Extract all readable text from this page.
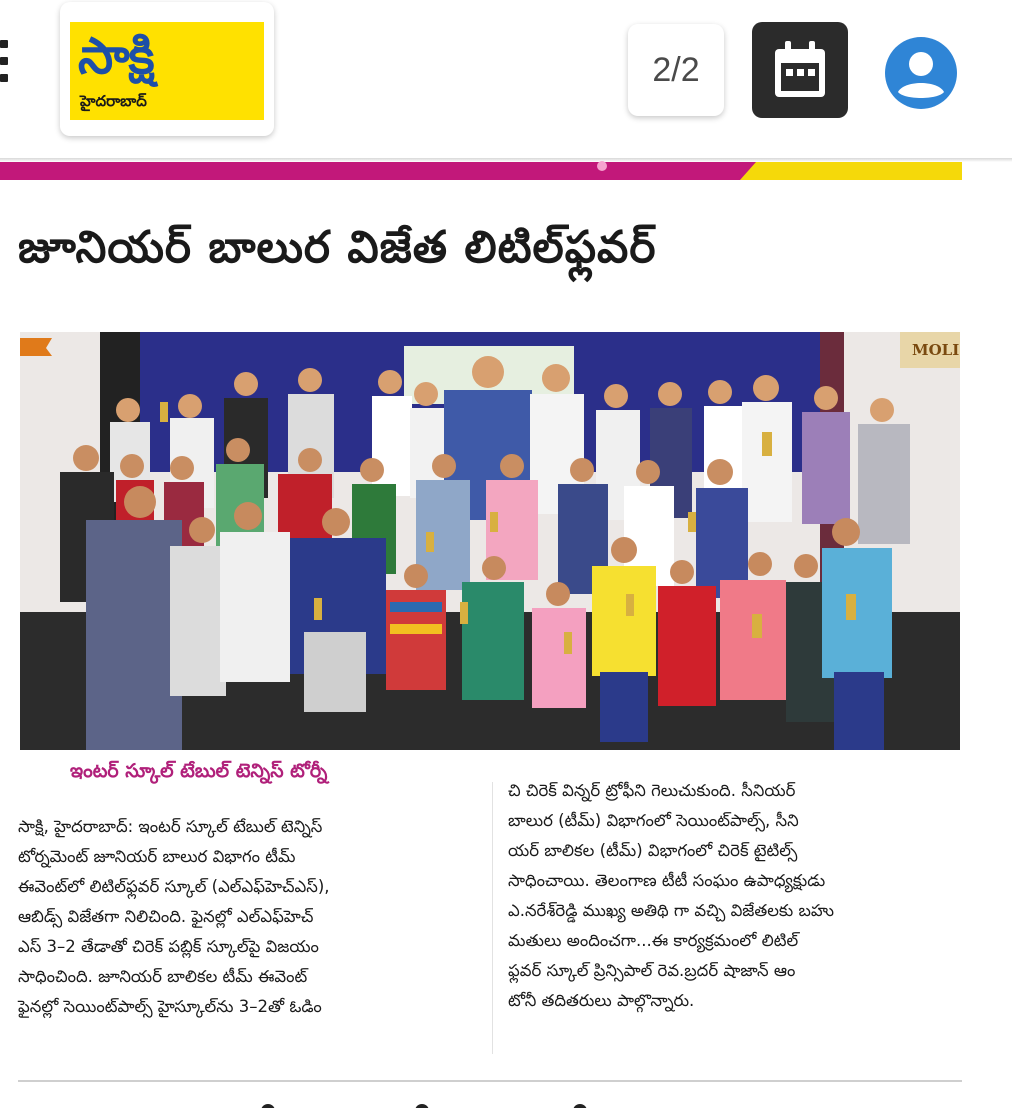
సాక్షి
హైదరాబాద్
2/2
జూనియర్‌ బాలుర విజేత లిటిల్‌ఫ్లవర్‌
MOLI
ఇంటర్‌ స్కూల్‌ టేబుల్‌ టెన్నిస్‌ టోర్నీ

సాక్షి, హైదరాబాద్‌: ఇంటర్‌ స్కూల్‌ టేబుల్‌ టెన్నిస్‌

టోర్నమెంట్‌ జూనియర్‌ బాలుర విభాగం టీమ్‌

ఈవెంట్‌లో లిటిల్‌ఫ్లవర్‌ స్కూల్‌ (ఎల్‌ఎఫ్‌హెచ్‌ఎస్‌),

ఆబిడ్స్‌ విజేతగా నిలిచింది. ఫైనల్లో ఎల్‌ఎఫ్‌హెచ్‌

ఎస్‌ 3–2 తేడాతో చిరెక్‌ పబ్లిక్‌ స్కూల్‌పై విజయం

సాధించింది. జూనియర్‌ బాలికల టీమ్‌ ఈవెంట్‌

ఫైనల్లో సెయింట్‌పాల్స్‌ హైస్కూల్‌ను 3–2తో ఓడిం

చి చిరెక్‌ విన్నర్‌ ట్రోఫీని గెలుచుకుంది. సీనియర్‌

బాలుర (టీమ్‌) విభాగంలో సెయింట్‌పాల్స్‌, సీని

యర్‌ బాలికల (టీమ్‌) విభాగంలో చిరెక్‌ టైటిల్స్‌

సాధించాయి. తెలంగాణ టీటీ సంఘం ఉపాధ్యక్షుడు

ఎ.నరేశ్‌రెడ్డి ముఖ్య అతిథి గా వచ్చి విజేతలకు బహు

మతులు అందించగా...ఈ కార్యక్రమంలో లిటిల్‌

ఫ్లవర్‌ స్కూల్‌ ప్రిన్సిపాల్‌ రెవ.బ్రదర్‌ షాజాన్‌ ఆం

టోనీ తదితరులు పాల్గొన్నారు.
